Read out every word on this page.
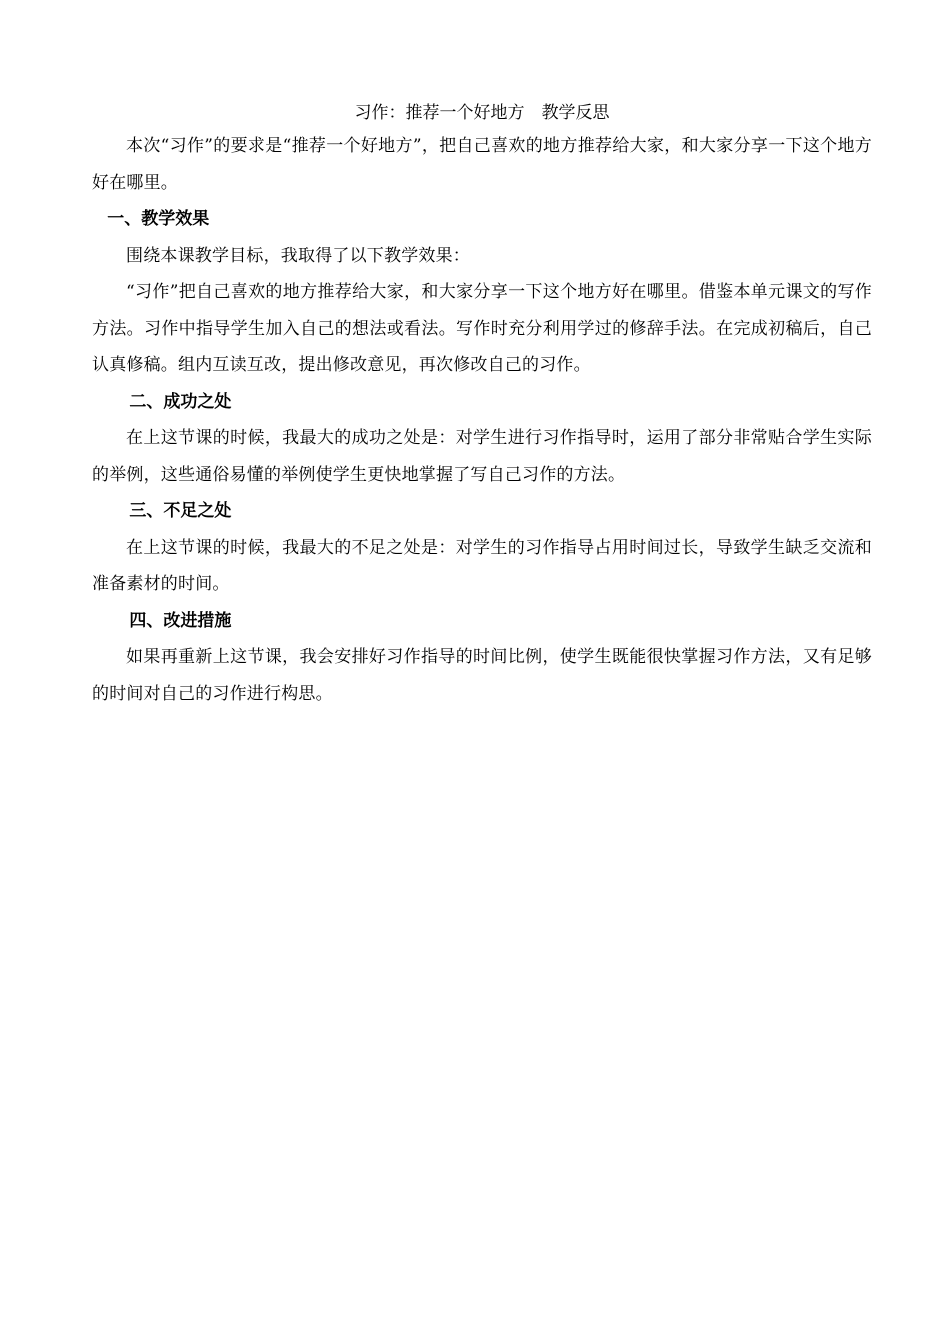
习作：推荐一个好地方　教学反思

本次“习作”的要求是“推荐一个好地方”，把自己喜欢的地方推荐给大家，和大家分享一下这个地方好在哪里。

一、教学效果

围绕本课教学目标，我取得了以下教学效果：

“习作”把自己喜欢的地方推荐给大家，和大家分享一下这个地方好在哪里。借鉴本单元课文的写作方法。习作中指导学生加入自己的想法或看法。写作时充分利用学过的修辞手法。在完成初稿后，自己认真修稿。组内互读互改，提出修改意见，再次修改自己的习作。

二、成功之处

在上这节课的时候，我最大的成功之处是：对学生进行习作指导时，运用了部分非常贴合学生实际的举例，这些通俗易懂的举例使学生更快地掌握了写自己习作的方法。

三、不足之处

在上这节课的时候，我最大的不足之处是：对学生的习作指导占用时间过长，导致学生缺乏交流和准备素材的时间。

四、改进措施

如果再重新上这节课，我会安排好习作指导的时间比例，使学生既能很快掌握习作方法，又有足够的时间对自己的习作进行构思。
